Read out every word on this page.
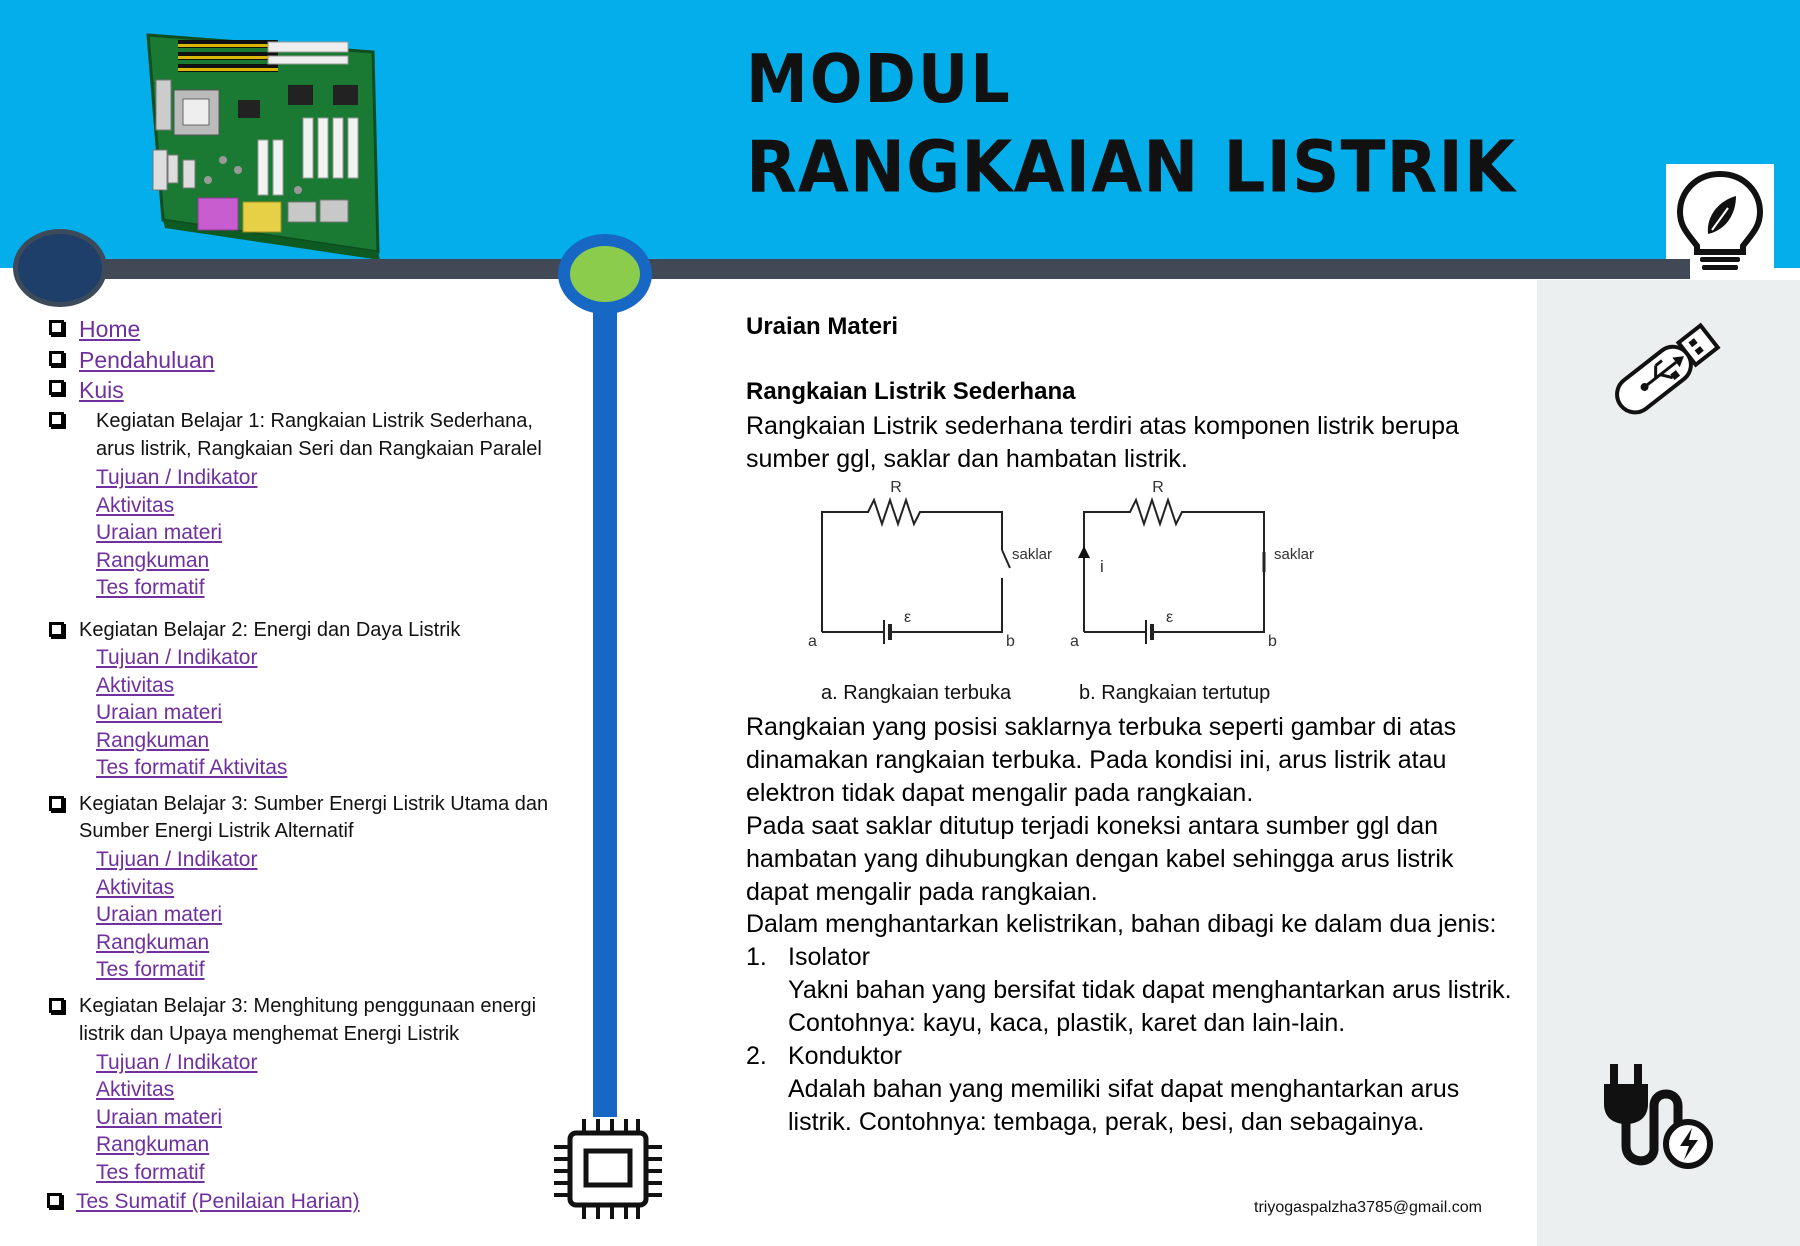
MODUL
RANGKAIAN LISTRIK
Home
Pendahuluan
Kuis
Kegiatan Belajar 1: Rangkaian Listrik Sederhana,
arus listrik, Rangkaian Seri dan Rangkaian Paralel
Tujuan / Indikator
Aktivitas
Uraian materi
Rangkuman
Tes formatif
Kegiatan Belajar 2: Energi dan Daya Listrik
Tujuan / Indikator
Aktivitas
Uraian materi
Rangkuman
Tes formatif Aktivitas
Kegiatan Belajar 3: Sumber Energi Listrik Utama dan
Sumber Energi Listrik Alternatif
Tujuan / Indikator
Aktivitas
Uraian materi
Rangkuman
Tes formatif
Kegiatan Belajar 3: Menghitung penggunaan energi
listrik dan Upaya menghemat Energi Listrik
Tujuan / Indikator
Aktivitas
Uraian materi
Rangkuman
Tes formatif
Tes Sumatif (Penilaian Harian)
Uraian Materi
Rangkaian Listrik Sederhana
Rangkaian Listrik sederhana terdiri atas komponen listrik berupa
sumber ggl, saklar dan hambatan listrik.
R
saklar
ε
a	b
i
R
saklar
ε
a	b
a. Rangkaian terbuka	b. Rangkaian tertutup
Rangkaian yang posisi saklarnya terbuka seperti gambar di atas
dinamakan rangkaian terbuka. Pada kondisi ini, arus listrik atau
elektron tidak dapat mengalir pada rangkaian.
Pada saat saklar ditutup terjadi koneksi antara sumber ggl dan
hambatan yang dihubungkan dengan kabel sehingga arus listrik
dapat mengalir pada rangkaian.
Dalam menghantarkan kelistrikan, bahan dibagi ke dalam dua jenis:
1. Isolator
Yakni bahan yang bersifat tidak dapat menghantarkan arus listrik.
Contohnya: kayu, kaca, plastik, karet dan lain-lain.
2. Konduktor
Adalah bahan yang memiliki sifat dapat menghantarkan arus
listrik. Contohnya: tembaga, perak, besi, dan sebagainya.
triyogaspalzha3785@gmail.com
